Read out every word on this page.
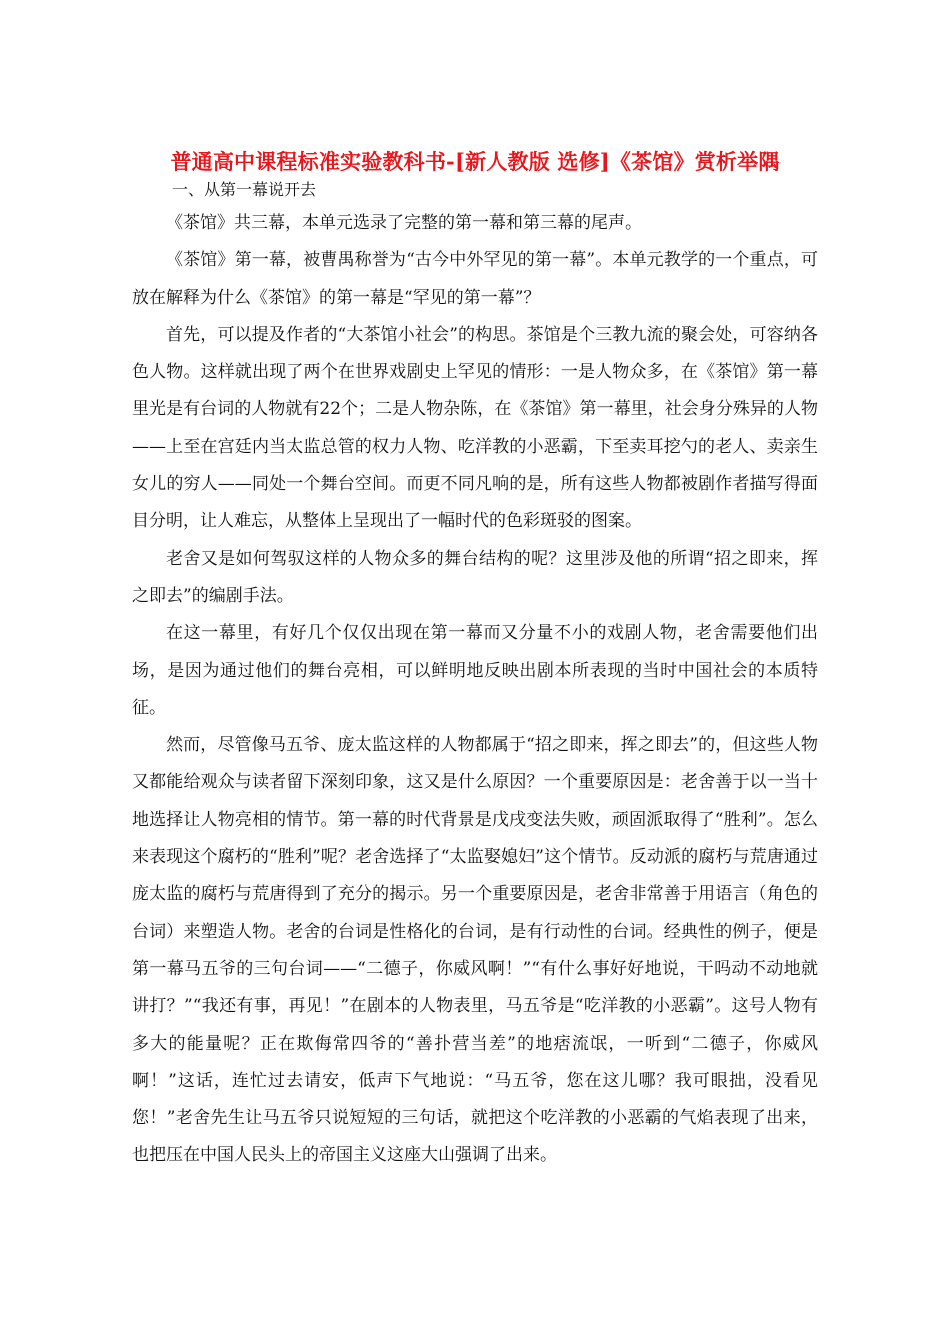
普通高中课程标准实验教科书-[新人教版 选修]《茶馆》赏析举隅
一、从第一幕说开去

《茶馆》共三幕，本单元选录了完整的第一幕和第三幕的尾声。

《茶馆》第一幕，被曹禺称誉为“古今中外罕见的第一幕”。本单元教学的一个重点，可放在解释为什么《茶馆》的第一幕是“罕见的第一幕”？

首先，可以提及作者的“大茶馆小社会”的构思。茶馆是个三教九流的聚会处，可容纳各色人物。这样就出现了两个在世界戏剧史上罕见的情形：一是人物众多，在《茶馆》第一幕里光是有台词的人物就有22个；二是人物杂陈，在《茶馆》第一幕里，社会身分殊异的人物——上至在宫廷内当太监总管的权力人物、吃洋教的小恶霸，下至卖耳挖勺的老人、卖亲生女儿的穷人——同处一个舞台空间。而更不同凡响的是，所有这些人物都被剧作者描写得面目分明，让人难忘，从整体上呈现出了一幅时代的色彩斑驳的图案。

老舍又是如何驾驭这样的人物众多的舞台结构的呢？这里涉及他的所谓“招之即来，挥之即去”的编剧手法。

在这一幕里，有好几个仅仅出现在第一幕而又分量不小的戏剧人物，老舍需要他们出场，是因为通过他们的舞台亮相，可以鲜明地反映出剧本所表现的当时中国社会的本质特征。

然而，尽管像马五爷、庞太监这样的人物都属于“招之即来，挥之即去”的，但这些人物又都能给观众与读者留下深刻印象，这又是什么原因？一个重要原因是：老舍善于以一当十地选择让人物亮相的情节。第一幕的时代背景是戊戌变法失败，顽固派取得了“胜利”。怎么来表现这个腐朽的“胜利”呢？老舍选择了“太监娶媳妇”这个情节。反动派的腐朽与荒唐通过庞太监的腐朽与荒唐得到了充分的揭示。另一个重要原因是，老舍非常善于用语言（角色的台词）来塑造人物。老舍的台词是性格化的台词，是有行动性的台词。经典性的例子，便是第一幕马五爷的三句台词——“二德子，你威风啊！”“有什么事好好地说，干吗动不动地就讲打？”“我还有事，再见！”在剧本的人物表里，马五爷是“吃洋教的小恶霸”。这号人物有多大的能量呢？正在欺侮常四爷的“善扑营当差”的地痞流氓，一听到“二德子，你威风啊！”这话，连忙过去请安，低声下气地说：“马五爷，您在这儿哪？我可眼拙，没看见您！”老舍先生让马五爷只说短短的三句话，就把这个吃洋教的小恶霸的气焰表现了出来，也把压在中国人民头上的帝国主义这座大山强调了出来。
